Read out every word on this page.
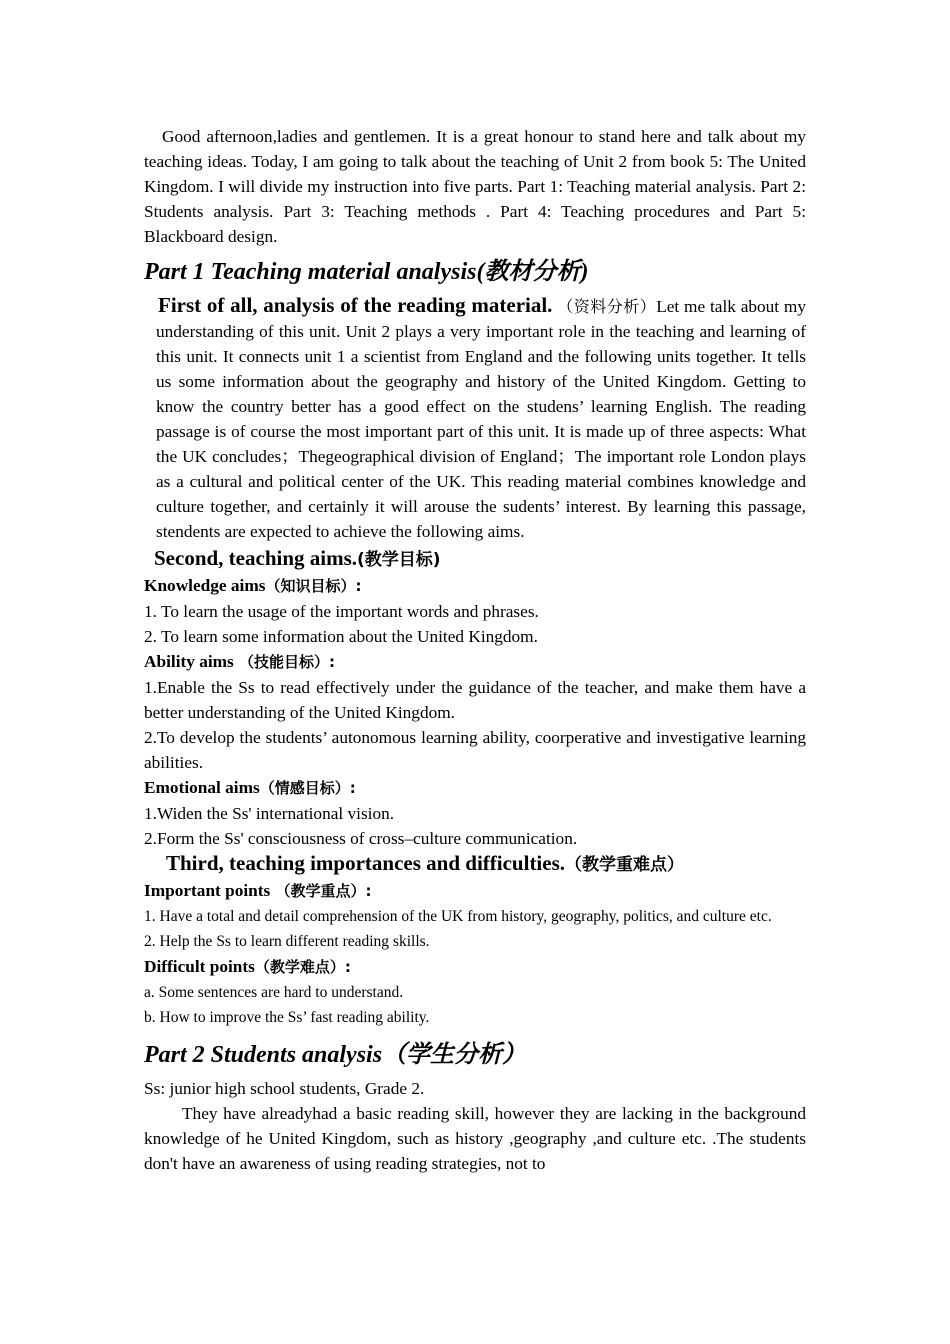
Good afternoon,ladies and gentlemen. It is a great honour to stand here and talk about my teaching ideas. Today, I am going to talk about the teaching of Unit 2 from book 5: The United Kingdom. I will divide my instruction into five parts. Part 1: Teaching material analysis. Part 2: Students analysis. Part 3: Teaching methods . Part 4: Teaching procedures and Part 5: Blackboard design.

Part 1 Teaching material analysis(教材分析)

First of all, analysis of the reading material. （资料分析）Let me talk about my understanding of this unit. Unit 2 plays a very important role in the teaching and learning of this unit. It connects unit 1 a scientist from England and the following units together. It tells us some information about the geography and history of the United Kingdom. Getting to know the country better has a good effect on the studens’ learning English. The reading passage is of course the most important part of this unit. It is made up of three aspects: What the UK concludes；Thegeographical division of England；The important role London plays as a cultural and political center of the UK. This reading material combines knowledge and culture together, and certainly it will arouse the sudents’ interest. By learning this passage, stendents are expected to achieve the following aims.

Second, teaching aims.(教学目标)

Knowledge aims（知识目标）:

1. To learn the usage of the important words and phrases.

2. To learn some information about the United Kingdom.

Ability aims （技能目标）:

1.Enable the Ss to read effectively under the guidance of the teacher, and make them have a better understanding of the United Kingdom.

2.To develop the students’ autonomous learning ability, coorperative and investigative learning abilities.

Emotional aims（情感目标）:

1.Widen the Ss' international vision.

2.Form the Ss' consciousness of cross–culture communication.

Third, teaching importances and difficulties.（教学重难点）

Important points （教学重点）:

1. Have a total and detail comprehension of the UK from history, geography, politics, and culture etc.

2. Help the Ss to learn different reading skills.

Difficult points（教学难点）:

a. Some sentences are hard to understand.

b. How to improve the Ss’ fast reading ability.

Part 2 Students analysis（学生分析）

Ss: junior high school students, Grade 2.

They have alreadyhad a basic reading skill, however they are lacking in the background knowledge of he United Kingdom, such as history ,geography ,and culture etc. .The students don't have an awareness of using reading strategies, not to
